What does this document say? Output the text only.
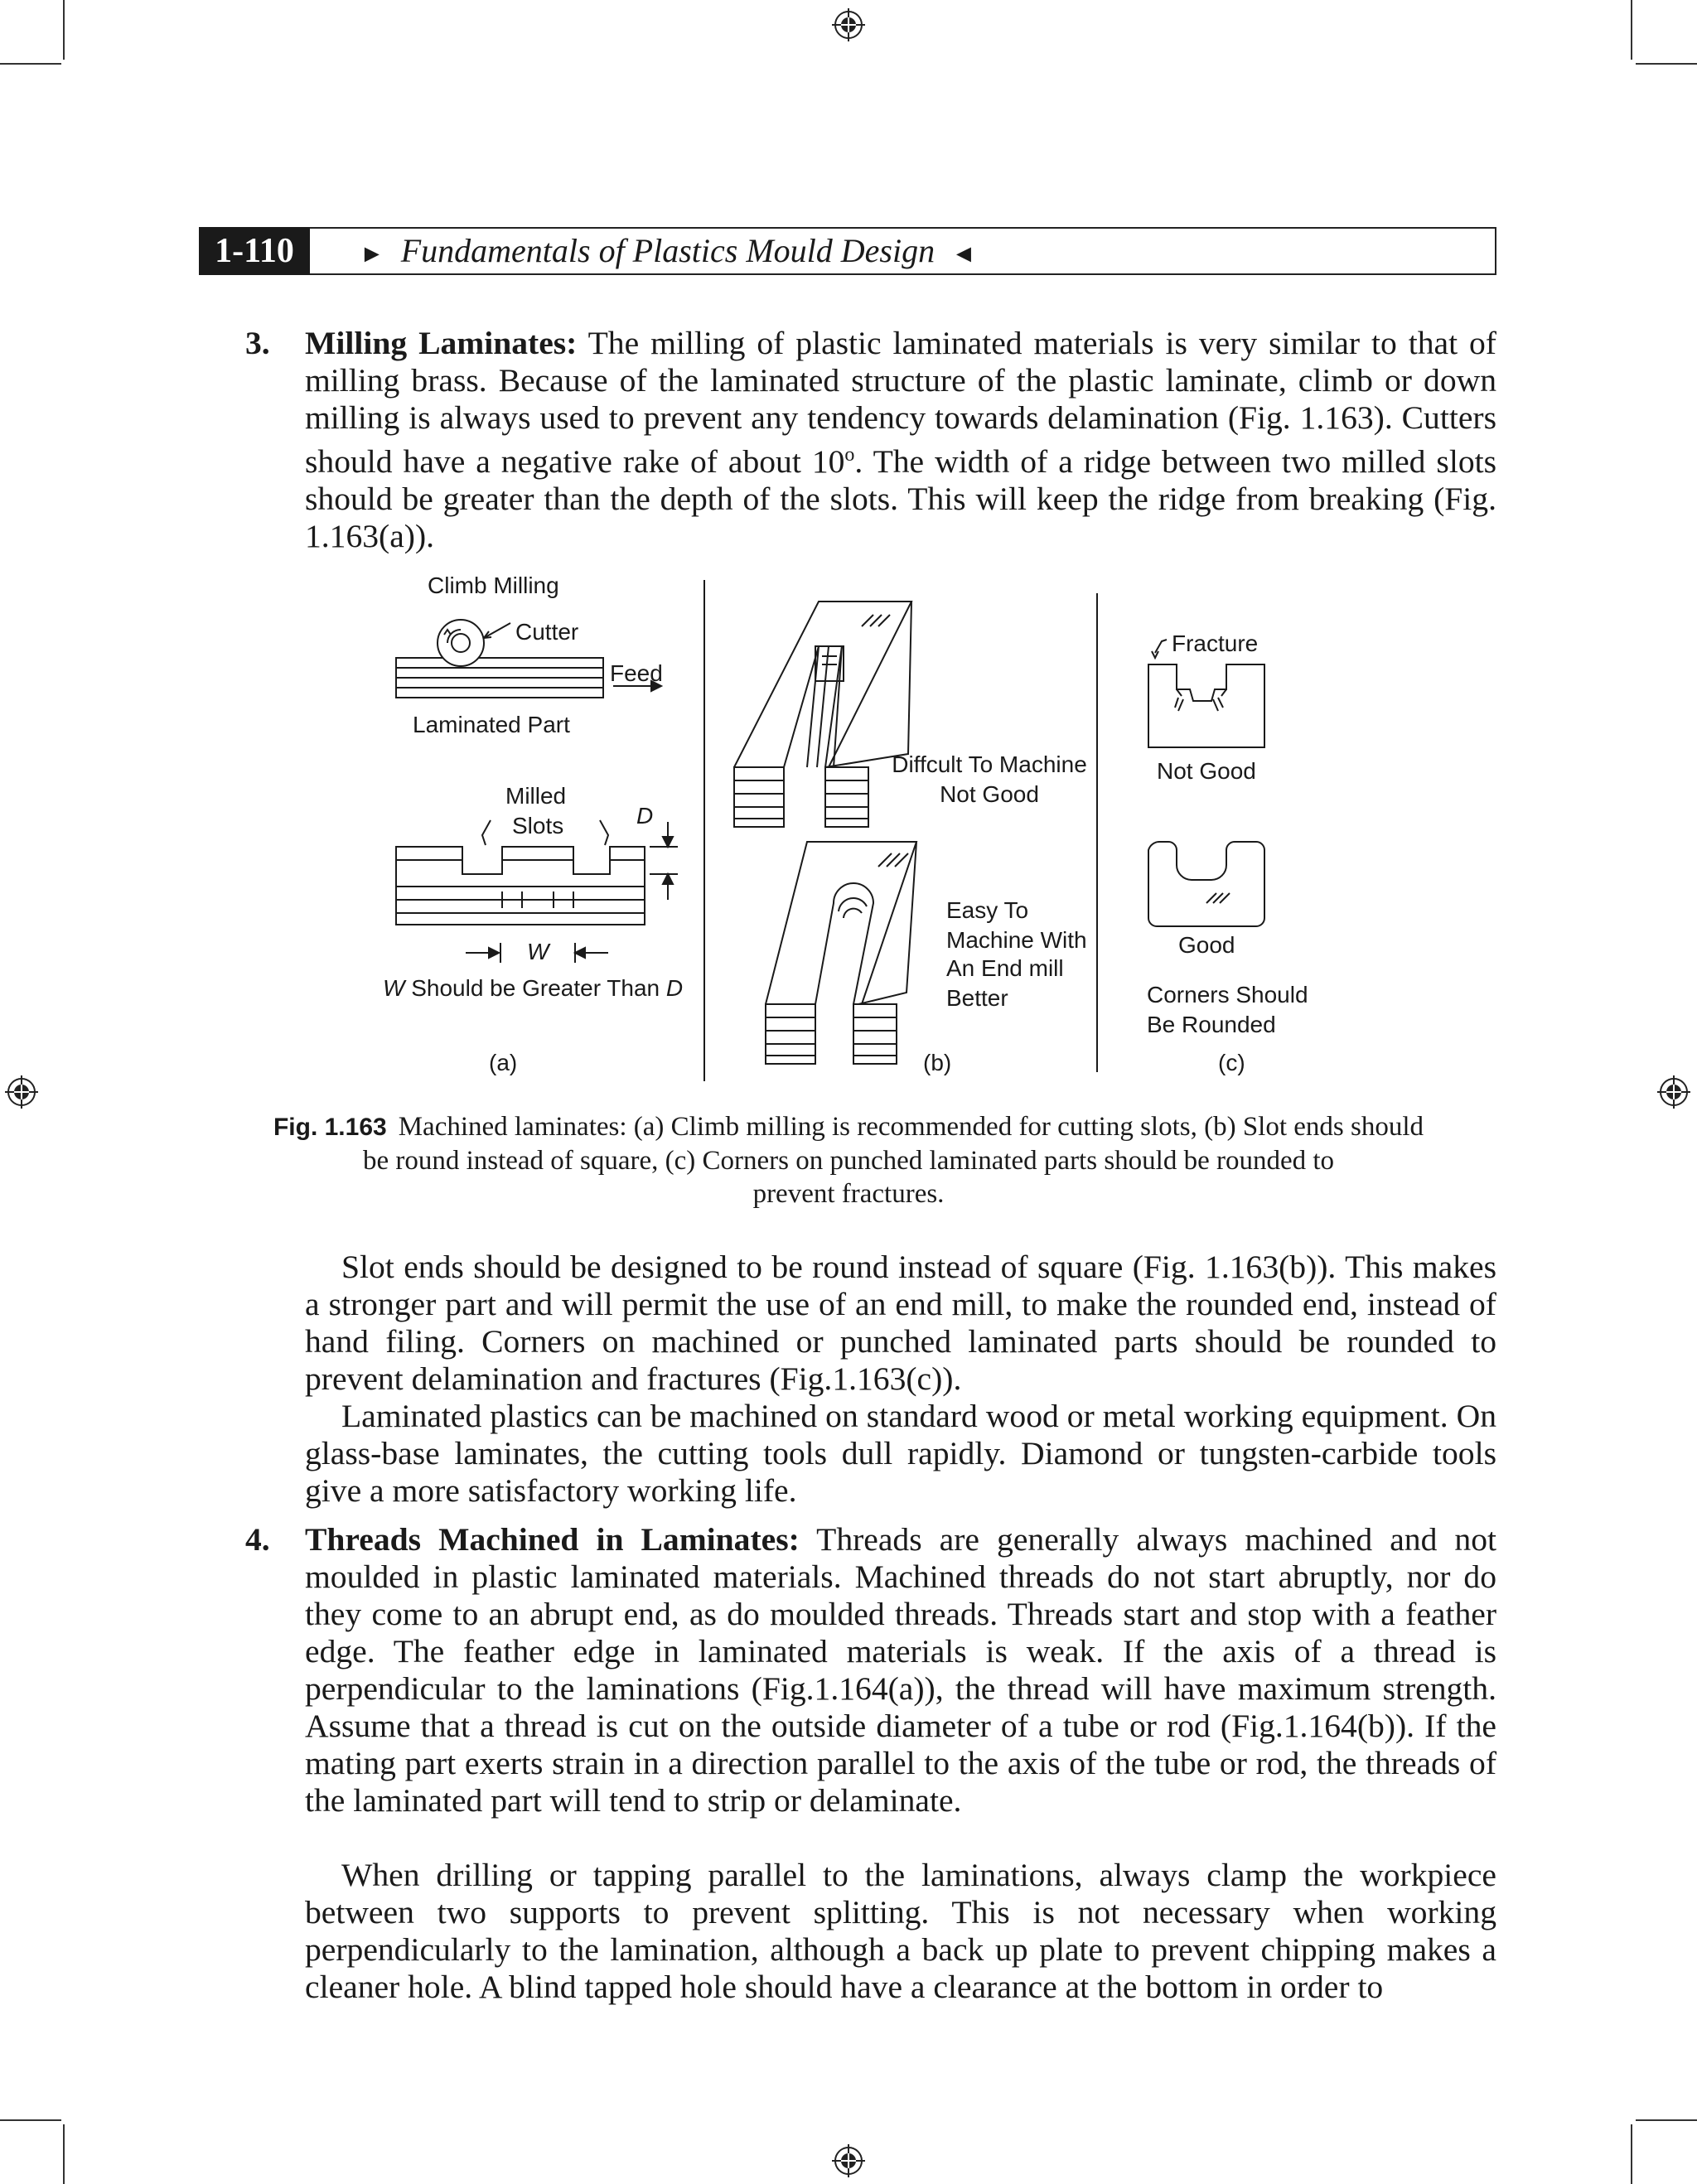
1-110	► Fundamentals of Plastics Mould Design ◄
3. Milling Laminates: The milling of plastic laminated materials is very similar to that of milling brass. Because of the laminated structure of the plastic laminate, climb or down milling is always used to prevent any tendency towards delamination (Fig. 1.163). Cutters should have a negative rake of about 10$^o$. The width of a ridge between two milled slots should be greater than the depth of the slots. This will keep the ridge from breaking (Fig. 1.163(a)).
Climb Milling
Cutter
Feed
Laminated Part
Milled
Slots	D
W
W Should be Greater Than D
(a)
Diffcult To Machine
Not Good
Easy To
Machine With
An End mill
Better
(b)
Fracture
Not Good
Good
Corners Should
Be Rounded
(c)
Fig. 1.163 Machined laminates: (a) Climb milling is recommended for cutting slots, (b) Slot ends should
be round instead of square, (c) Corners on punched laminated parts should be rounded to
prevent fractures.
Slot ends should be designed to be round instead of square (Fig. 1.163(b)). This makes a stronger part and will permit the use of an end mill, to make the rounded end, instead of hand filing. Corners on machined or punched laminated parts should be rounded to prevent delamination and fractures (Fig.1.163(c)).
Laminated plastics can be machined on standard wood or metal working equipment. On glass-base laminates, the cutting tools dull rapidly. Diamond or tungsten-carbide tools give a more satisfactory working life.
4. Threads Machined in Laminates: Threads are generally always machined and not moulded in plastic laminated materials. Machined threads do not start abruptly, nor do they come to an abrupt end, as do moulded threads. Threads start and stop with a feather edge. The feather edge in laminated materials is weak. If the axis of a thread is perpendicular to the laminations (Fig.1.164(a)), the thread will have maximum strength. Assume that a thread is cut on the outside diameter of a tube or rod (Fig.1.164(b)). If the mating part exerts strain in a direction parallel to the axis of the tube or rod, the threads of the laminated part will tend to strip or delaminate.
When drilling or tapping parallel to the laminations, always clamp the workpiece between two supports to prevent splitting. This is not necessary when working perpendicularly to the lamination, although a back up plate to prevent chipping makes a cleaner hole. A blind tapped hole should have a clearance at the bottom in order to
